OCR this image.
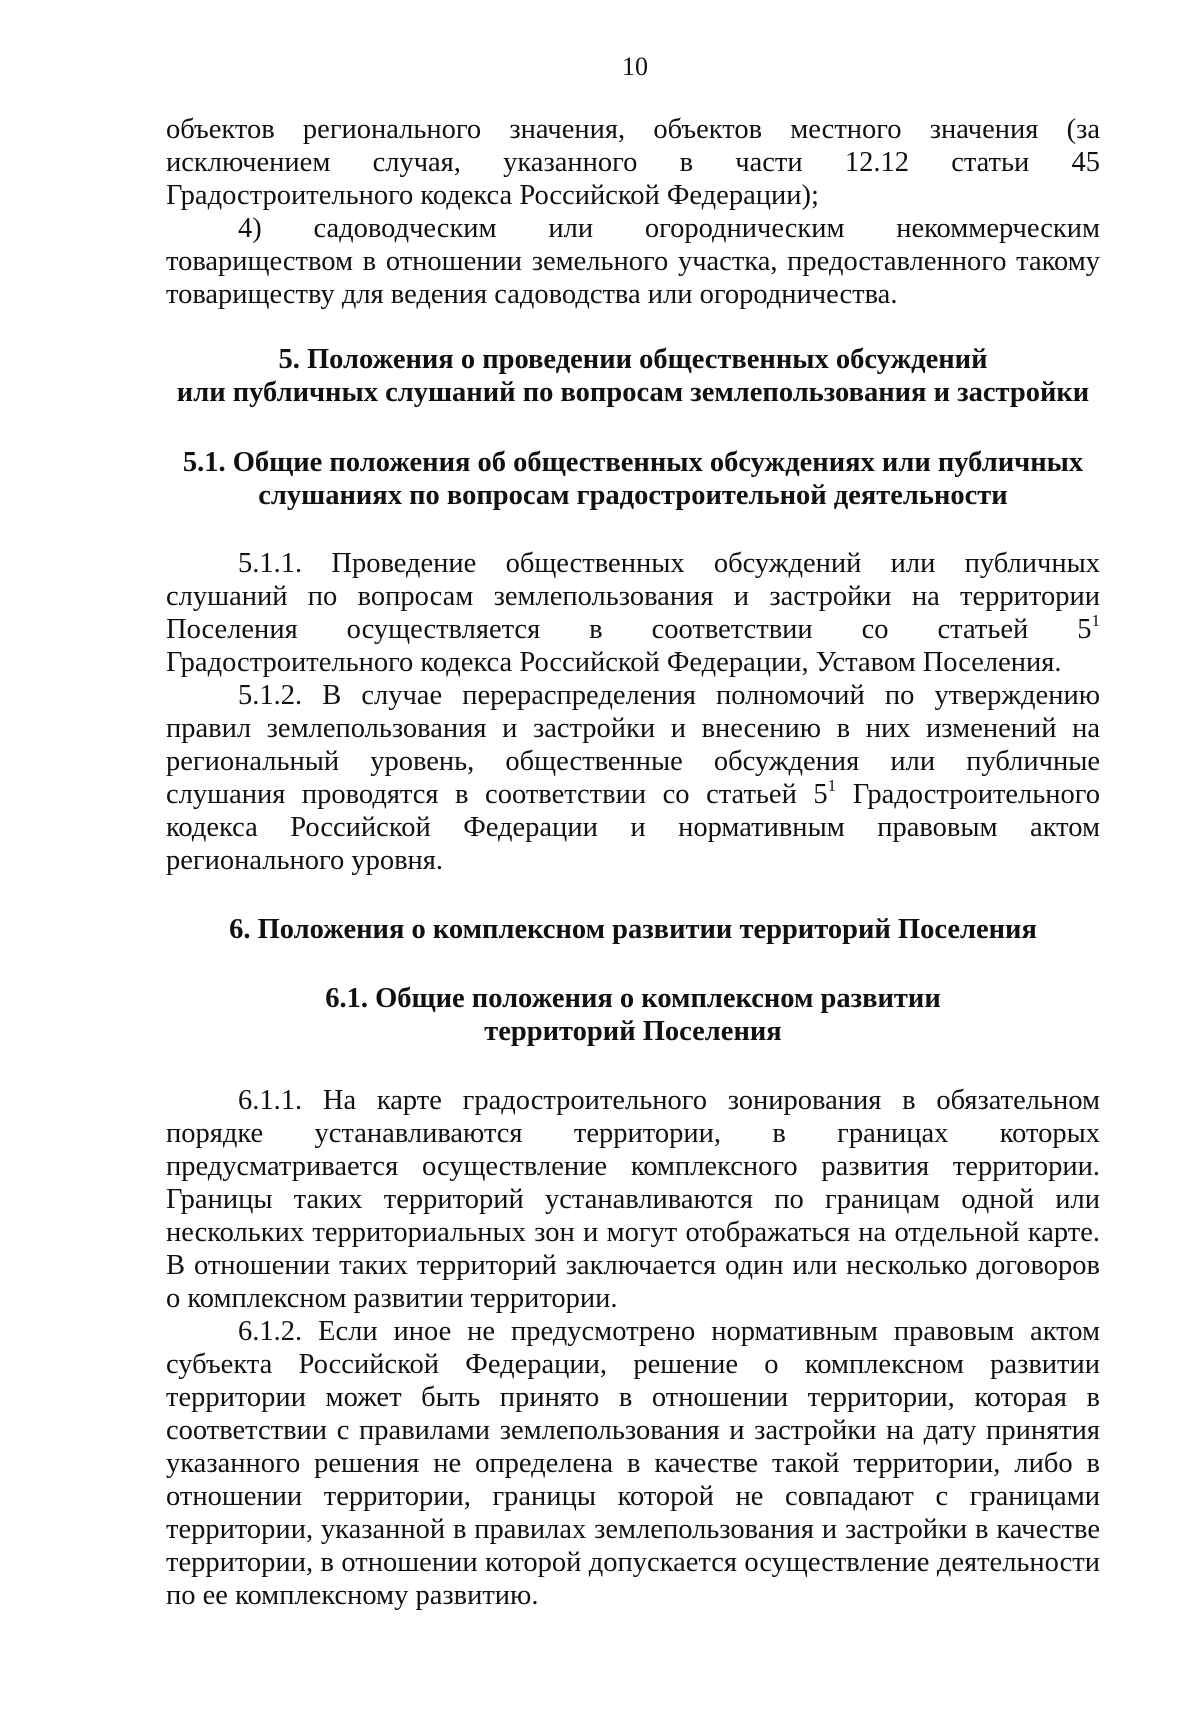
10

объектов регионального значения, объектов местного значения (за исключением случая, указанного в части 12.12 статьи 45 Градостроительного кодекса Российской Федерации);

4) садоводческим или огородническим некоммерческим товариществом в отношении земельного участка, предоставленного такому товариществу для ведения садоводства или огородничества.

5. Положения о проведении общественных обсуждений
или публичных слушаний по вопросам землепользования и застройки
5.1. Общие положения об общественных обсуждениях или публичных
слушаниях по вопросам градостроительной деятельности

5.1.1. Проведение общественных обсуждений или публичных слушаний по вопросам землепользования и застройки на территории Поселения осуществляется в соответствии со статьей $5^1$ Градостроительного кодекса Российской Федерации, Уставом Поселения.

5.1.2. В случае перераспределения полномочий по утверждению правил землепользования и застройки и внесению в них изменений на региональный уровень, общественные обсуждения или публичные слушания проводятся в соответствии со статьей $5^1$ Градостроительного кодекса Российской Федерации и нормативным правовым актом регионального уровня.

6. Положения о комплексном развитии территорий Поселения
6.1. Общие положения о комплексном развитии
территорий Поселения

6.1.1. На карте градостроительного зонирования в обязательном порядке устанавливаются территории, в границах которых предусматривается осуществление комплексного развития территории. Границы таких территорий устанавливаются по границам одной или нескольких территориальных зон и могут отображаться на отдельной карте. В отношении таких территорий заключается один или несколько договоров о комплексном развитии территории.

6.1.2. Если иное не предусмотрено нормативным правовым актом субъекта Российской Федерации, решение о комплексном развитии территории может быть принято в отношении территории, которая в соответствии с правилами землепользования и застройки на дату принятия указанного решения не определена в качестве такой территории, либо в отношении территории, границы которой не совпадают с границами территории, указанной в правилах землепользования и застройки в качестве территории, в отношении которой допускается осуществление деятельности по ее комплексному развитию.
